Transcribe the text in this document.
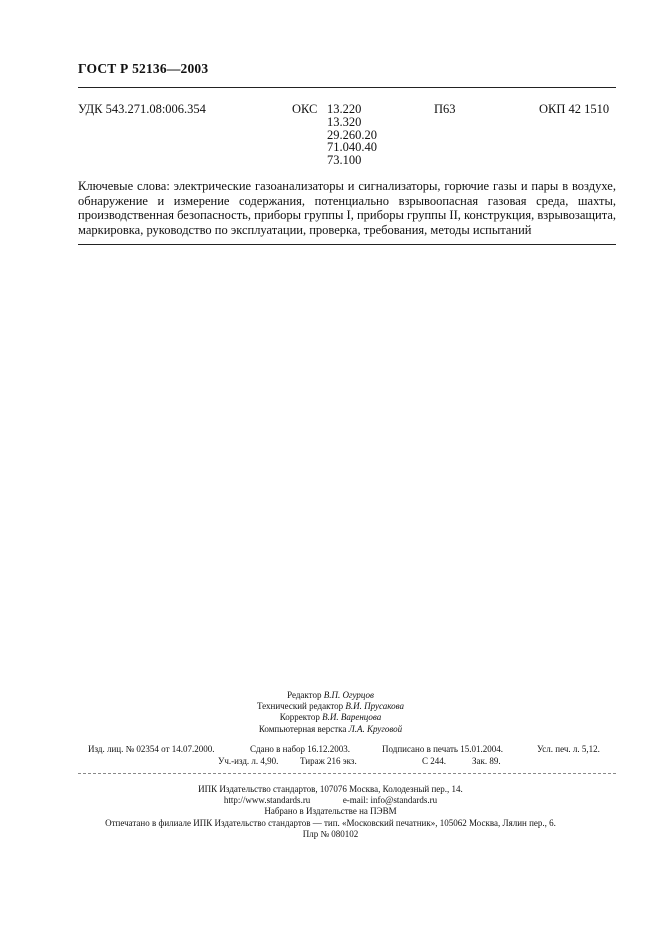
ГОСТ Р 52136—2003
УДК 543.271.08:006.354	ОКС 13.220
13.320
29.260.20
71.040.40
73.100
П63	ОКП 42 1510

Ключевые слова: электрические газоанализаторы и сигнализаторы, горючие газы и пары в воздухе, обнаружение и измерение содержания, потенциально взрывоопасная газовая среда, шахты, производственная безопасность, приборы группы I, приборы группы II, конструкция, взрывозащита, маркировка, руководство по эксплуатации, проверка, требования, методы испытаний

Редактор В.П. Огурцов
Технический редактор В.И. Прусакова
Корректор В.И. Варенцова
Компьютерная верстка Л.А. Круговой
Изд. лиц. № 02354 от 14.07.2000.	Сдано в набор 16.12.2003.	Подписано в печать 15.01.2004.	Усл. печ. л. 5,12.
Уч.-изд. л. 4,90. Тираж 216 экз.	С 244.	Зак. 89.
ИПК Издательство стандартов, 107076 Москва, Колодезный пер., 14.
http://www.standards.ru	e-mail: info@standards.ru
Набрано в Издательстве на ПЭВМ
Отпечатано в филиале ИПК Издательство стандартов — тип. «Московский печатник», 105062 Москва, Лялин пер., 6.
Плр № 080102
